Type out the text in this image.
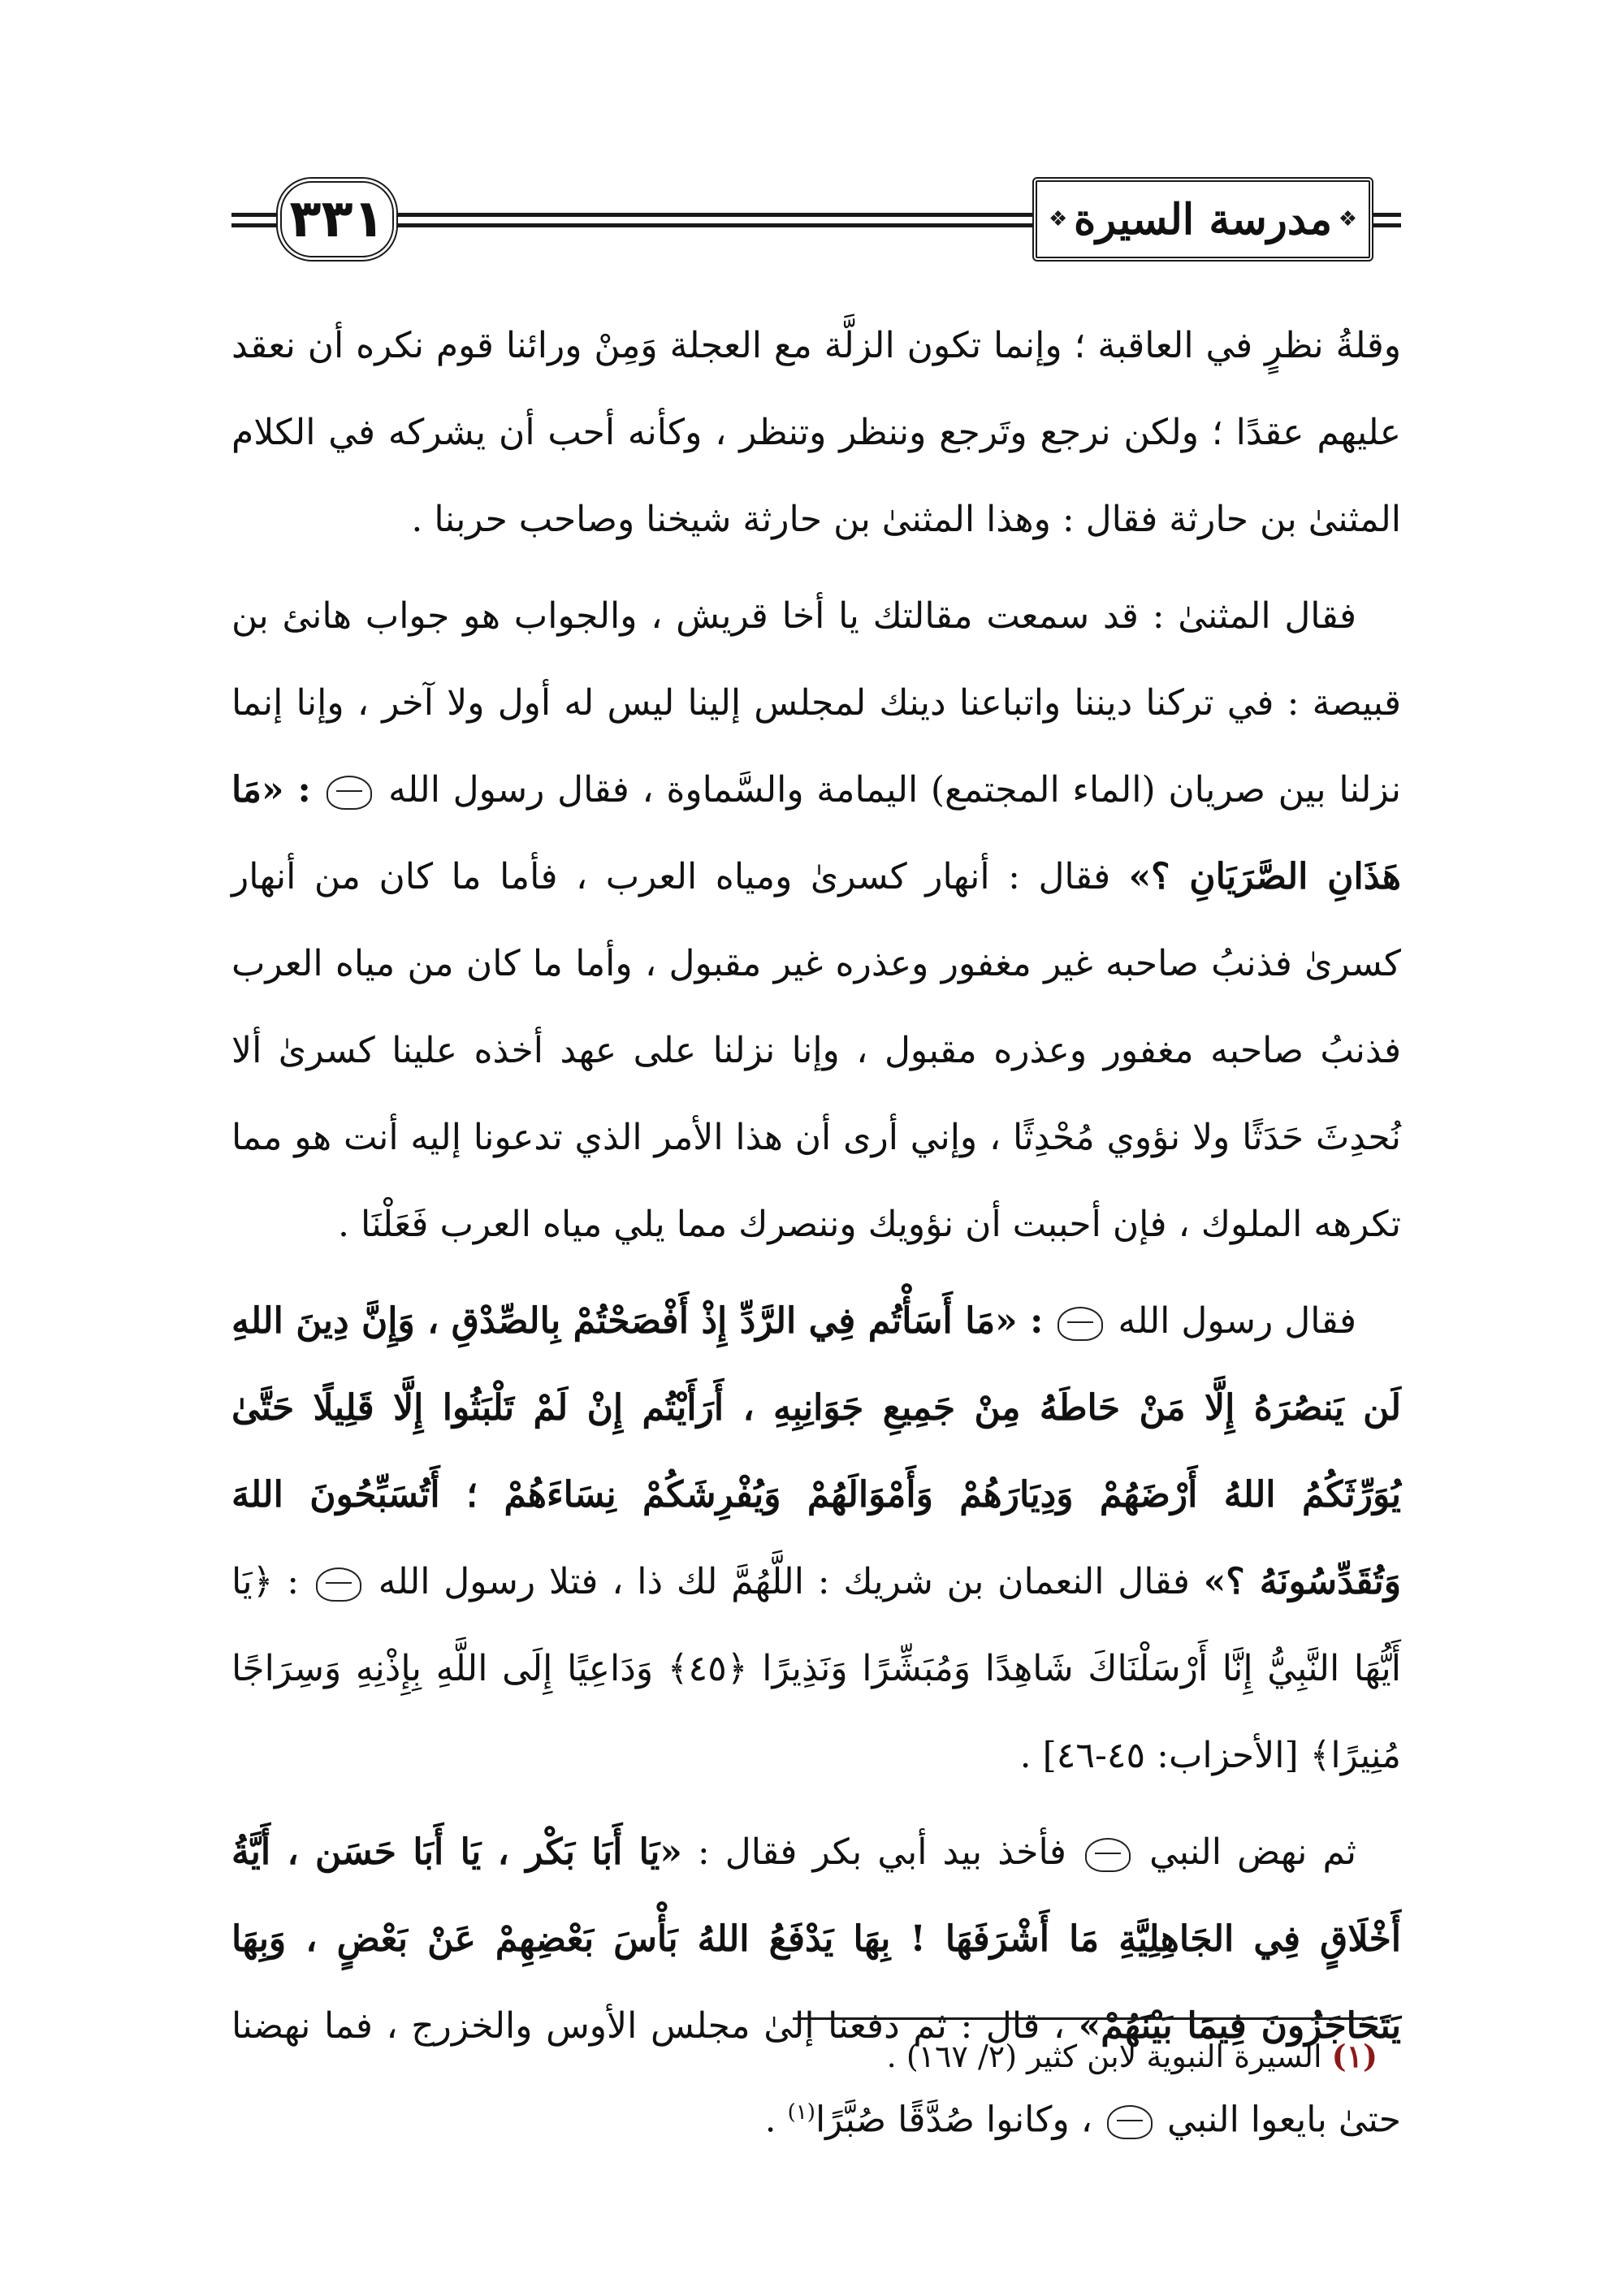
٣٣١	❖
مدرسة السيرة
❖

وقلةُ نظرٍ في العاقبة ؛ وإنما تكون الزلَّة مع العجلة وَمِنْ ورائنا قوم نكره أن نعقد عليهم عقدًا ؛ ولكن نرجع وتَرجع وننظر وتنظر ، وكأنه أحب أن يشركه في الكلام المثنىٰ بن حارثة فقال : وهذا المثنىٰ بن حارثة شيخنا وصاحب حربنا .

فقال المثنىٰ : قد سمعت مقالتك يا أخا قريش ، والجواب هو جواب هانئ بن قبيصة : في تركنا ديننا واتباعنا دينك لمجلس إلينا ليس له أول ولا آخر ، وإنا إنما نزلنا بين صريان (الماء المجتمع) اليمامة والسَّماوة ، فقال رسول الله  : «مَا هَذَانِ الصَّرَيَانِ ؟» فقال : أنهار كسرىٰ ومياه العرب ، فأما ما كان من أنهار كسرىٰ فذنبُ صاحبه غير مغفور وعذره غير مقبول ، وأما ما كان من مياه العرب فذنبُ صاحبه مغفور وعذره مقبول ، وإنا نزلنا على عهد أخذه علينا كسرىٰ ألا نُحدِثَ حَدَثًا ولا نؤوي مُحْدِثًا ، وإني أرى أن هذا الأمر الذي تدعونا إليه أنت هو مما تكرهه الملوك ، فإن أحببت أن نؤويك وننصرك مما يلي مياه العرب فَعَلْنَا .

فقال رسول الله  : «مَا أَسَأْتُم فِي الرَّدِّ إِذْ أَفْصَحْتُمْ بِالصِّدْقِ ، وَإِنَّ دِينَ اللهِ لَن يَنصُرَهُ إِلَّا مَنْ حَاطَهُ مِنْ جَمِيعِ جَوَانِبِهِ ، أَرَأَيْتُم إِنْ لَمْ تَلْبَثُوا إِلَّا قَلِيلًا حَتَّىٰ يُوَرِّثَكُمُ اللهُ أَرْضَهُمْ وَدِيَارَهُمْ وَأَمْوَالَهُمْ وَيُفْرِشَكُمْ نِسَاءَهُمْ ؛ أَتُسَبِّحُونَ اللهَ وَتُقَدِّسُونَهُ ؟» فقال النعمان بن شريك : اللَّهُمَّ لك ذا ، فتلا رسول الله  : ﴿يَا أَيُّهَا النَّبِيُّ إِنَّا أَرْسَلْنَاكَ شَاهِدًا وَمُبَشِّرًا وَنَذِيرًا ﴿٤٥﴾ وَدَاعِيًا إِلَى اللَّهِ بِإِذْنِهِ وَسِرَاجًا مُنِيرًا﴾ [الأحزاب: ٤٥-٤٦] .

ثم نهض النبي  فأخذ بيد أبي بكر فقال : «يَا أَبَا بَكْر ، يَا أَبَا حَسَن ، أَيَّةُ أَخْلَاقٍ فِي الجَاهِلِيَّةِ مَا أَشْرَفَهَا ! بِهَا يَدْفَعُ اللهُ بَأْسَ بَعْضِهِمْ عَنْ بَعْضٍ ، وَبِهَا يَتَحَاجَزُونَ فِيمَا بَيْنَهُمْ» ، قال : ثم دفعنا إلىٰ مجلس الأوس والخزرج ، فما نهضنا حتىٰ بايعوا النبي  ، وكانوا صُدَّقًا صُبَّرًا$^{(١)}$ .

(١) السيرة النبوية لابن كثير (٢/ ١٦٧) .
